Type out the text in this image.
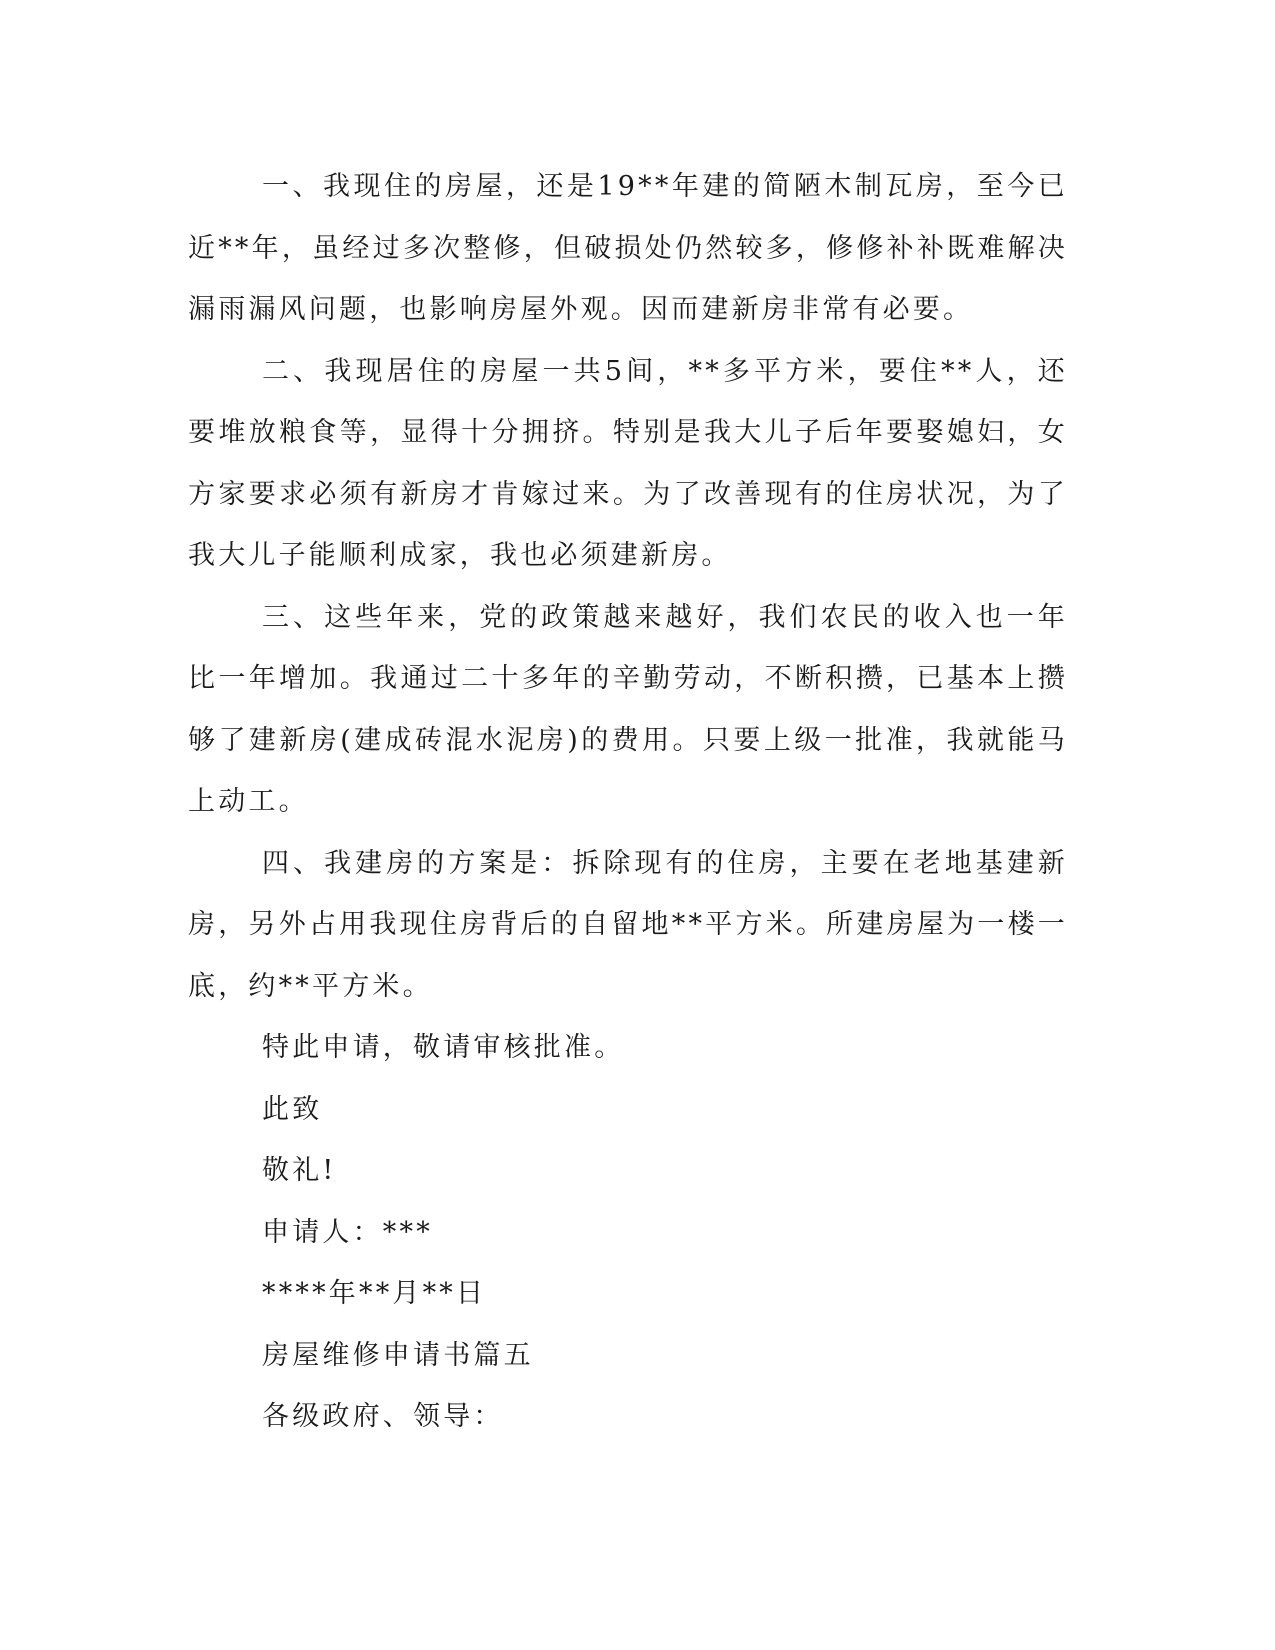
一、我现住的房屋，还是19**年建的简陋木制瓦房，至今已近**年，虽经过多次整修，但破损处仍然较多，修修补补既难解决漏雨漏风问题，也影响房屋外观。因而建新房非常有必要。

二、我现居住的房屋一共5间，**多平方米，要住**人，还要堆放粮食等，显得十分拥挤。特别是我大儿子后年要娶媳妇，女方家要求必须有新房才肯嫁过来。为了改善现有的住房状况，为了我大儿子能顺利成家，我也必须建新房。

三、这些年来，党的政策越来越好，我们农民的收入也一年比一年增加。我通过二十多年的辛勤劳动，不断积攒，已基本上攒够了建新房(建成砖混水泥房)的费用。只要上级一批准，我就能马上动工。

四、我建房的方案是：拆除现有的住房，主要在老地基建新房，另外占用我现住房背后的自留地**平方米。所建房屋为一楼一底，约**平方米。

特此申请，敬请审核批准。

此致

敬礼!

申请人：***

****年**月**日

房屋维修申请书篇五

各级政府、领导：
